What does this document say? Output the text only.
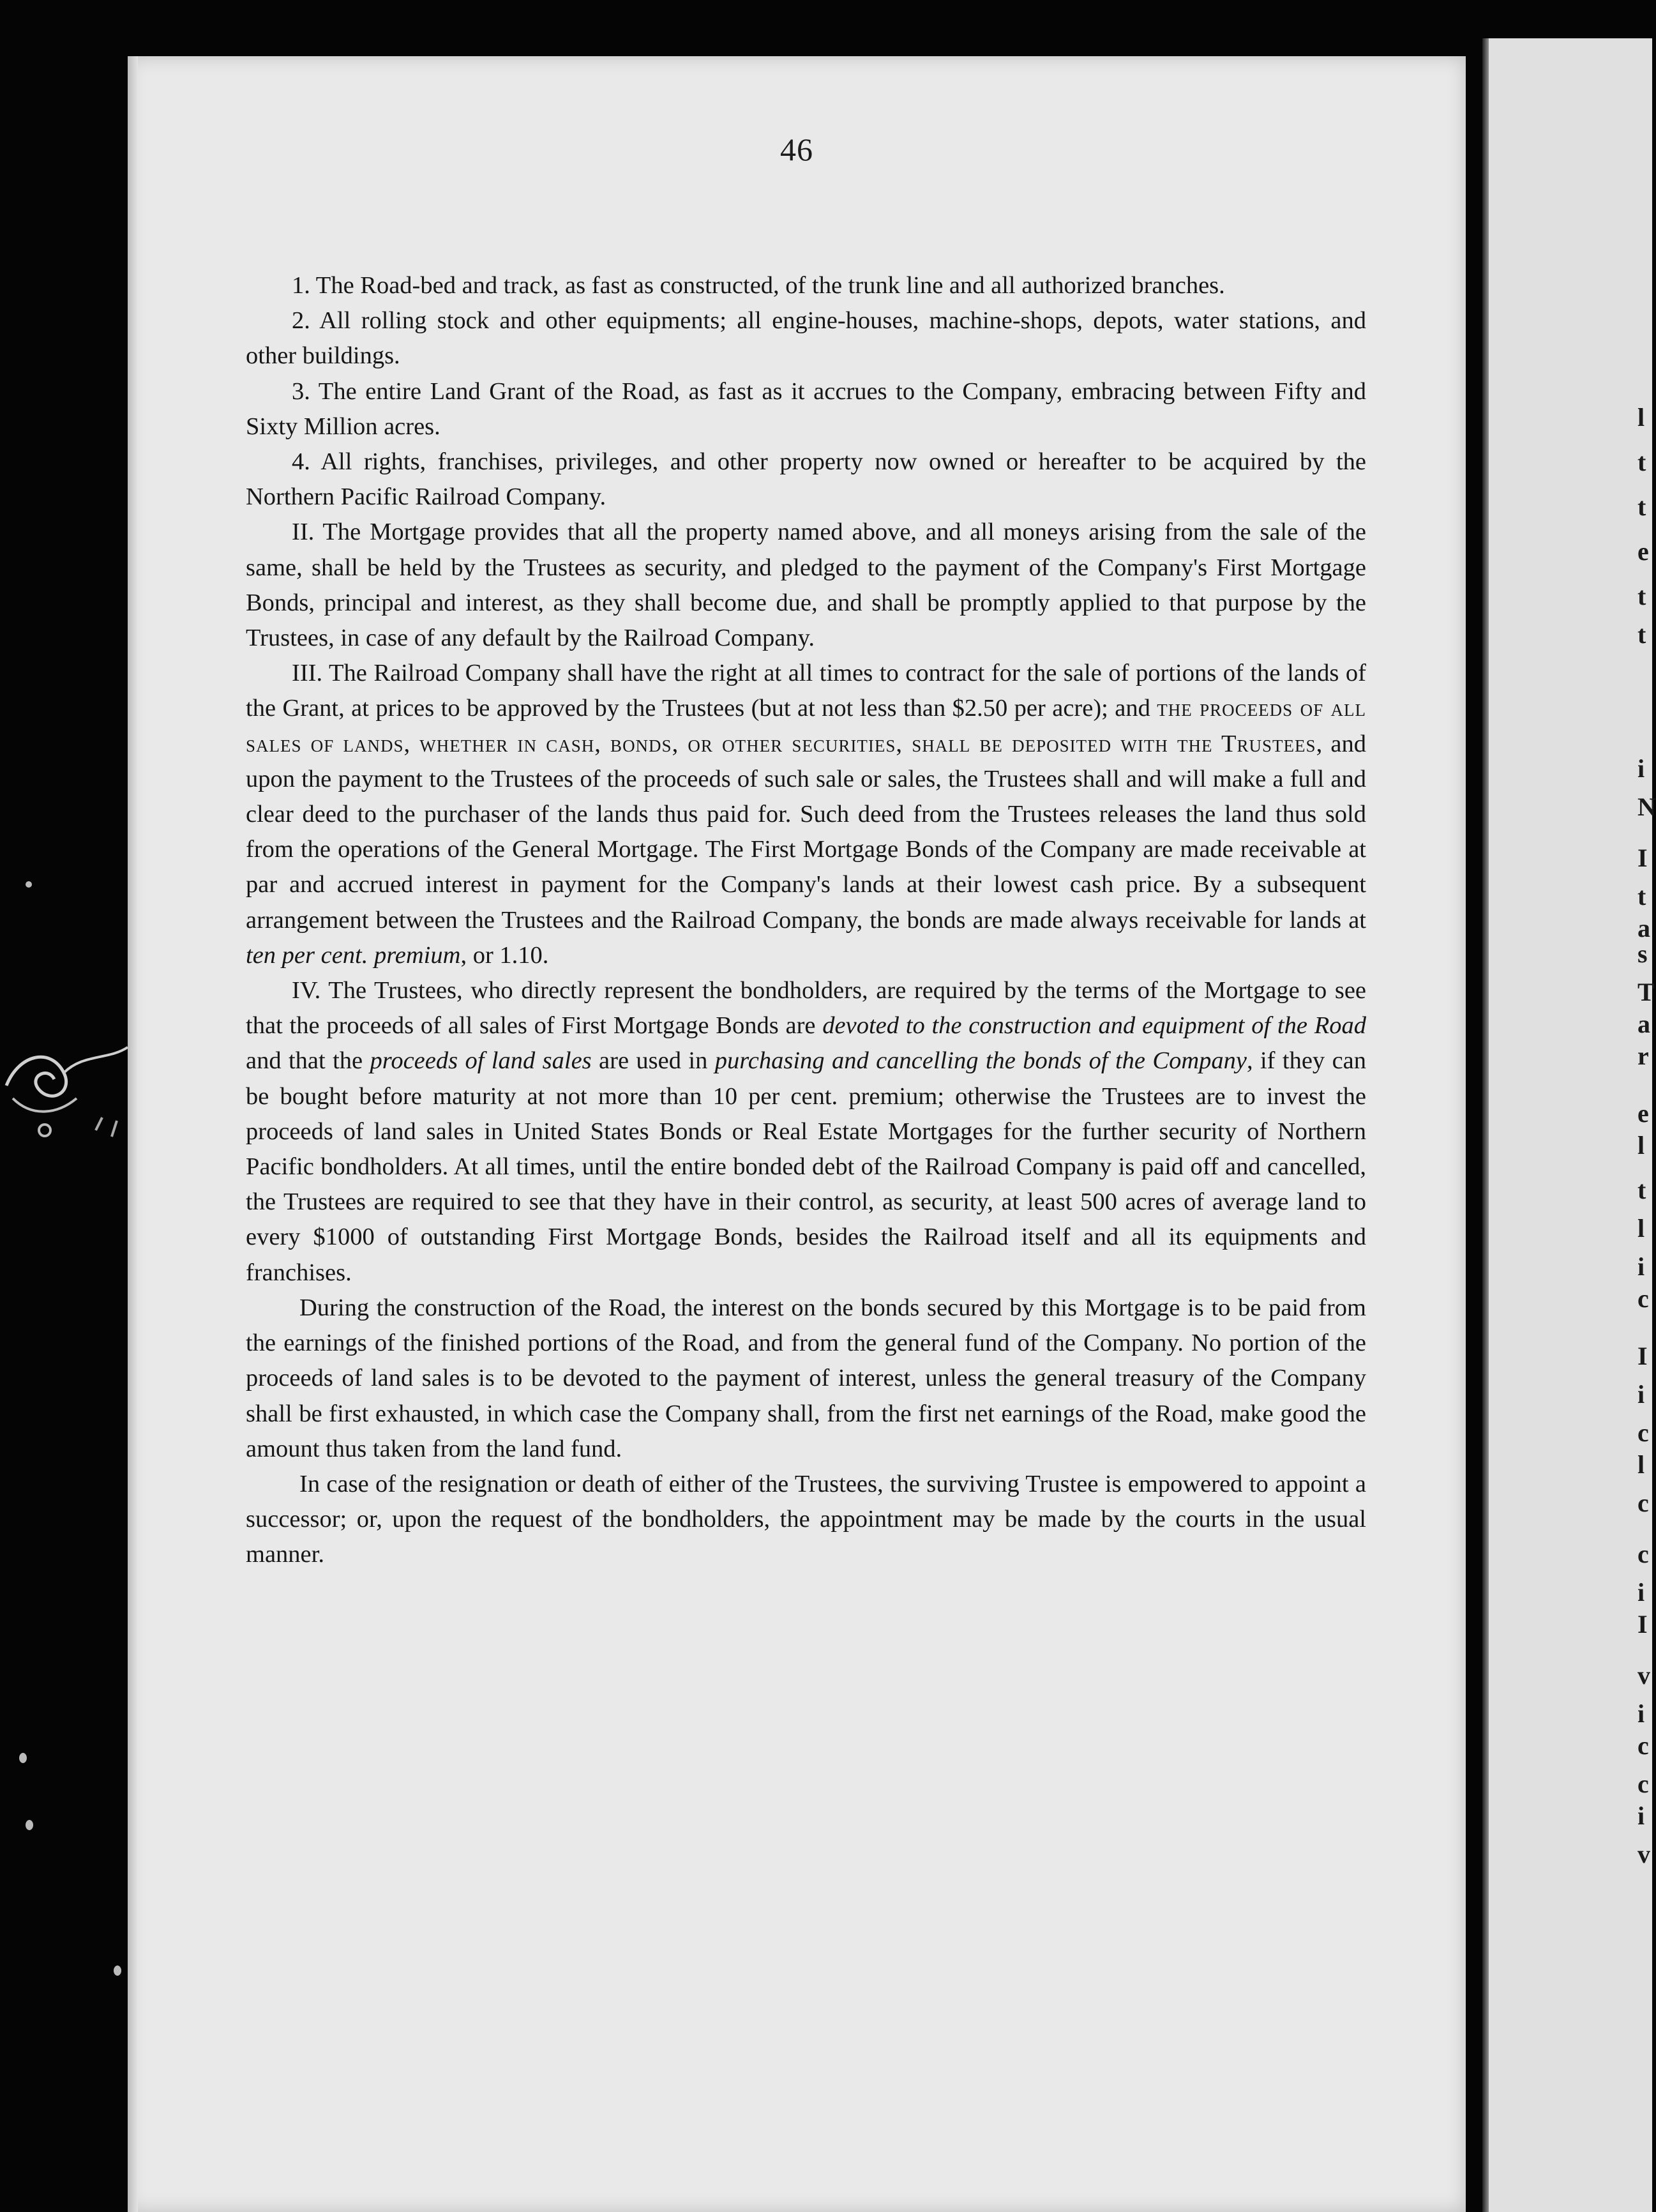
46

1. The Road-bed and track, as fast as constructed, of the trunk line and all authorized branches.

2. All rolling stock and other equipments; all engine-houses, machine-shops, depots, water stations, and other buildings.

3. The entire Land Grant of the Road, as fast as it accrues to the Company, embracing between Fifty and Sixty Million acres.

4. All rights, franchises, privileges, and other property now owned or hereafter to be acquired by the Northern Pacific Railroad Company.

II. The Mortgage provides that all the property named above, and all moneys arising from the sale of the same, shall be held by the Trustees as security, and pledged to the payment of the Company's First Mortgage Bonds, principal and interest, as they shall become due, and shall be promptly applied to that purpose by the Trustees, in case of any default by the Railroad Company.

III. The Railroad Company shall have the right at all times to contract for the sale of portions of the lands of the Grant, at prices to be approved by the Trustees (but at not less than $2.50 per acre); and the proceeds of all sales of lands, whether in cash, bonds, or other securities, shall be deposited with the Trustees, and upon the payment to the Trustees of the proceeds of such sale or sales, the Trustees shall and will make a full and clear deed to the purchaser of the lands thus paid for. Such deed from the Trustees releases the land thus sold from the operations of the General Mortgage. The First Mortgage Bonds of the Company are made receivable at par and accrued interest in payment for the Company's lands at their lowest cash price. By a subsequent arrangement between the Trustees and the Railroad Company, the bonds are made always receivable for lands at ten per cent. premium, or 1.10.

IV. The Trustees, who directly represent the bondholders, are required by the terms of the Mortgage to see that the proceeds of all sales of First Mortgage Bonds are devoted to the construction and equipment of the Road and that the proceeds of land sales are used in purchasing and cancelling the bonds of the Company, if they can be bought before maturity at not more than 10 per cent. premium; otherwise the Trustees are to invest the proceeds of land sales in United States Bonds or Real Estate Mortgages for the further security of Northern Pacific bondholders. At all times, until the entire bonded debt of the Railroad Company is paid off and cancelled, the Trustees are required to see that they have in their control, as security, at least 500 acres of average land to every $1000 of outstanding First Mortgage Bonds, besides the Railroad itself and all its equipments and franchises.

During the construction of the Road, the interest on the bonds secured by this Mortgage is to be paid from the earnings of the finished portions of the Road, and from the general fund of the Company. No portion of the proceeds of land sales is to be devoted to the payment of interest, unless the general treasury of the Company shall be first exhausted, in which case the Company shall, from the first net earnings of the Road, make good the amount thus taken from the land fund.

In case of the resignation or death of either of the Trustees, the surviving Trustee is empowered to appoint a successor; or, upon the request of the bondholders, the appointment may be made by the courts in the usual manner.

l
t
t
e
t
t
i
N
I
t
a
s
T
a
r
e
l
t
l
i
c
I
i
c
l
c
c
i
I
v
i
c
c
i
v
